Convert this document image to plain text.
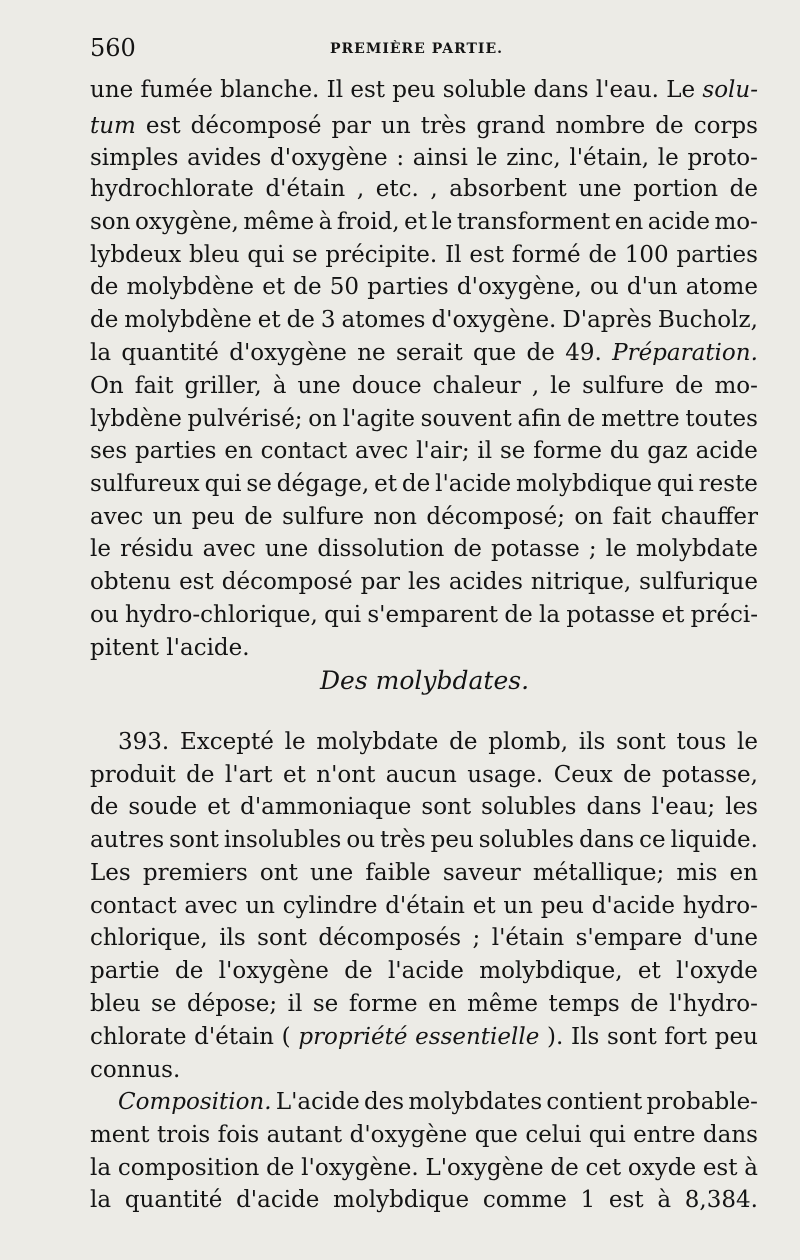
560	PREMIÈRE PARTIE.
une fumée blanche. Il est peu soluble dans l'eau. Le solu-
tum est décomposé par un très grand nombre de corps
simples avides d'oxygène : ainsi le zinc, l'étain, le proto-
hydrochlorate d'étain , etc. , absorbent une portion de
son oxygène, même à froid, et le transforment en acide mo-
lybdeux bleu qui se précipite. Il est formé de 100 parties
de molybdène et de 50 parties d'oxygène, ou d'un atome
de molybdène et de 3 atomes d'oxygène. D'après Bucholz,
la quantité d'oxygène ne serait que de 49. Préparation.
On fait griller, à une douce chaleur , le sulfure de mo-
lybdène pulvérisé; on l'agite souvent afin de mettre toutes
ses parties en contact avec l'air; il se forme du gaz acide
sulfureux qui se dégage, et de l'acide molybdique qui reste
avec un peu de sulfure non décomposé; on fait chauffer
le résidu avec une dissolution de potasse ; le molybdate
obtenu est décomposé par les acides nitrique, sulfurique
ou hydro-chlorique, qui s'emparent de la potasse et préci-
pitent l'acide.
393. Excepté le molybdate de plomb, ils sont tous le
produit de l'art et n'ont aucun usage. Ceux de potasse,
de soude et d'ammoniaque sont solubles dans l'eau; les
autres sont insolubles ou très peu solubles dans ce liquide.
Les premiers ont une faible saveur métallique; mis en
contact avec un cylindre d'étain et un peu d'acide hydro-
chlorique, ils sont décomposés ; l'étain s'empare d'une
partie de l'oxygène de l'acide molybdique, et l'oxyde
bleu se dépose; il se forme en même temps de l'hydro-
chlorate d'étain ( propriété essentielle ). Ils sont fort peu
connus.
Composition. L'acide des molybdates contient probable-
ment trois fois autant d'oxygène que celui qui entre dans
la composition de l'oxygène. L'oxygène de cet oxyde est à
la quantité d'acide molybdique comme 1 est à 8,384.
Des molybdates.
